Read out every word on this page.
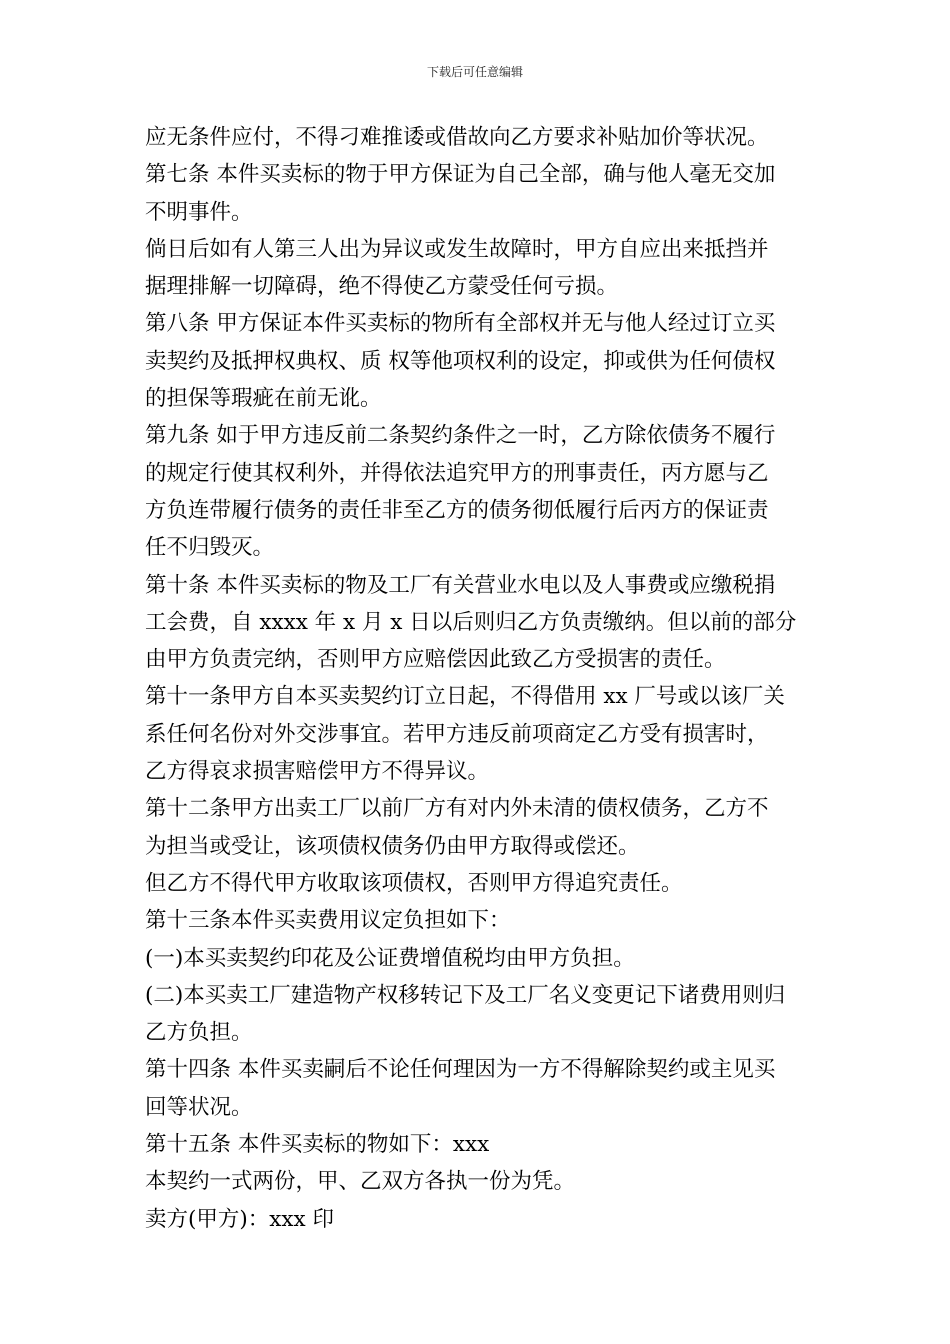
下载后可任意编辑
应无条件应付，不得刁难推诿或借故向乙方要求补贴加价等状况。
第七条 本件买卖标的物于甲方保证为自己全部，确与他人毫无交加
不明事件。
倘日后如有人第三人出为异议或发生故障时，甲方自应出来抵挡并
据理排解一切障碍，绝不得使乙方蒙受任何亏损。
第八条 甲方保证本件买卖标的物所有全部权并无与他人经过订立买
卖契约及抵押权典权、质 权等他项权利的设定，抑或供为任何债权
的担保等瑕疵在前无讹。
第九条 如于甲方违反前二条契约条件之一时，乙方除依债务不履行
的规定行使其权利外，并得依法追究甲方的刑事责任，丙方愿与乙
方负连带履行债务的责任非至乙方的债务彻低履行后丙方的保证责
任不归毁灭。
第十条 本件买卖标的物及工厂有关营业水电以及人事费或应缴税捐
工会费，自 xxxx 年 x 月 x 日以后则归乙方负责缴纳。但以前的部分
由甲方负责完纳，否则甲方应赔偿因此致乙方受损害的责任。
第十一条甲方自本买卖契约订立日起，不得借用 xx 厂号或以该厂关
系任何名份对外交涉事宜。若甲方违反前项商定乙方受有损害时，
乙方得哀求损害赔偿甲方不得异议。
第十二条甲方出卖工厂以前厂方有对内外未清的债权债务，乙方不
为担当或受让，该项债权债务仍由甲方取得或偿还。
但乙方不得代甲方收取该项债权，否则甲方得追究责任。
第十三条本件买卖费用议定负担如下：
(一)本买卖契约印花及公证费增值税均由甲方负担。
(二)本买卖工厂建造物产权移转记下及工厂名义变更记下诸费用则归
乙方负担。
第十四条 本件买卖嗣后不论任何理因为一方不得解除契约或主见买
回等状况。
第十五条 本件买卖标的物如下：xxx
本契约一式两份，甲、乙双方各执一份为凭。
卖方(甲方)：xxx 印
